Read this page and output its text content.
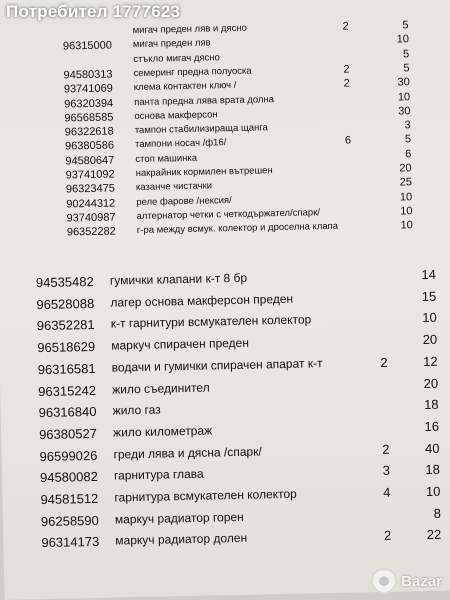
Потребител 1777623
мигач преден ляв и дясно	2	5
96315000 мигач преден ляв	10
стъкло мигач дясно	5
94580313 семеринг предна полуоска	2	5
93741069 клема контактен ключ /	2	30
96320394 панта предна лява врата долна	10
96568585 основа макферсон	30
96322618 тампон стабилизираща щанга	3
96380586 тампони носач /ф16/	6	5
94580647 стоп машинка	6
93741092 накрайник кормилен вътрешен	20
96323475 казанче чистачки	25
90244312 реле фарове /нексия/	10
93740987 алтернатор четки с четкодържател/спарк/	10
96352282 г-ра между всмук. колектор и дроселна клапа	10
94535482 гумички клапани к-т 8 бр	14
96528088 лагер основа макферсон преден	15
96352281 к-т гарнитури всмукателен колектор	10
96518629 маркуч спирачен преден	20
96316581 водачи и гумички спирачен апарат к-т	2	12
96315242 жило съединител	20
96316840 жило газ	18
96380527 жило километраж	16
96599026 греди лява и дясна /спарк/	2	40
94580082 гарнитура глава	3	18
94581512 гарнитура всмукателен колектор	4	10
96258590 маркуч радиатор горен	8
96314173 маркуч радиатор долен	2	22
Bazar
